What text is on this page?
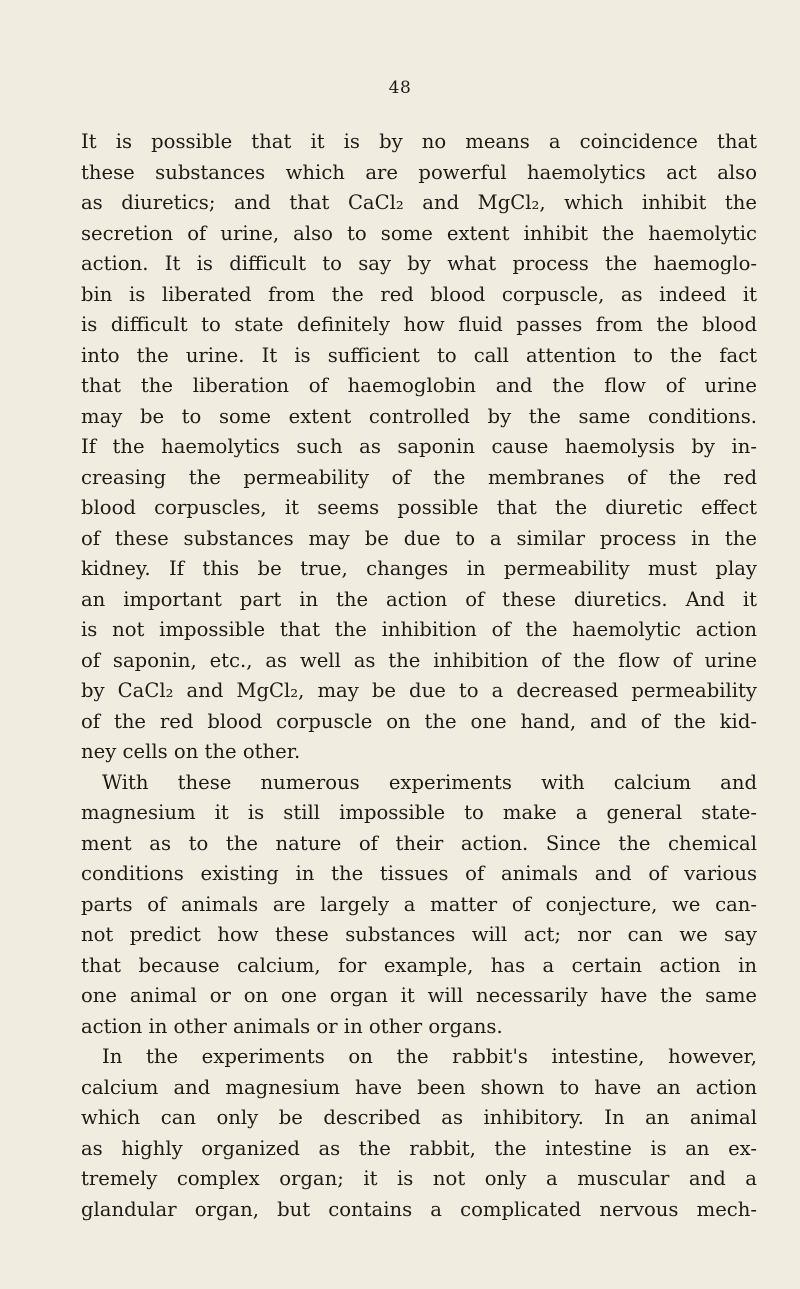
48
It is possible that it is by no means a coincidence that
these substances which are powerful haemolytics act also
as diuretics; and that CaCl₂ and MgCl₂, which inhibit the
secretion of urine, also to some extent inhibit the haemolytic
action. It is difficult to say by what process the haemoglo-
bin is liberated from the red blood corpuscle, as indeed it
is difficult to state definitely how fluid passes from the blood
into the urine. It is sufficient to call attention to the fact
that the liberation of haemoglobin and the flow of urine
may be to some extent controlled by the same conditions.
If the haemolytics such as saponin cause haemolysis by in-
creasing the permeability of the membranes of the red
blood corpuscles, it seems possible that the diuretic effect
of these substances may be due to a similar process in the
kidney. If this be true, changes in permeability must play
an important part in the action of these diuretics. And it
is not impossible that the inhibition of the haemolytic action
of saponin, etc., as well as the inhibition of the flow of urine
by CaCl₂ and MgCl₂, may be due to a decreased permeability
of the red blood corpuscle on the one hand, and of the kid-
ney cells on the other.
With these numerous experiments with calcium and
magnesium it is still impossible to make a general state-
ment as to the nature of their action. Since the chemical
conditions existing in the tissues of animals and of various
parts of animals are largely a matter of conjecture, we can-
not predict how these substances will act; nor can we say
that because calcium, for example, has a certain action in
one animal or on one organ it will necessarily have the same
action in other animals or in other organs.
In the experiments on the rabbit's intestine, however,
calcium and magnesium have been shown to have an action
which can only be described as inhibitory. In an animal
as highly organized as the rabbit, the intestine is an ex-
tremely complex organ; it is not only a muscular and a
glandular organ, but contains a complicated nervous mech-
